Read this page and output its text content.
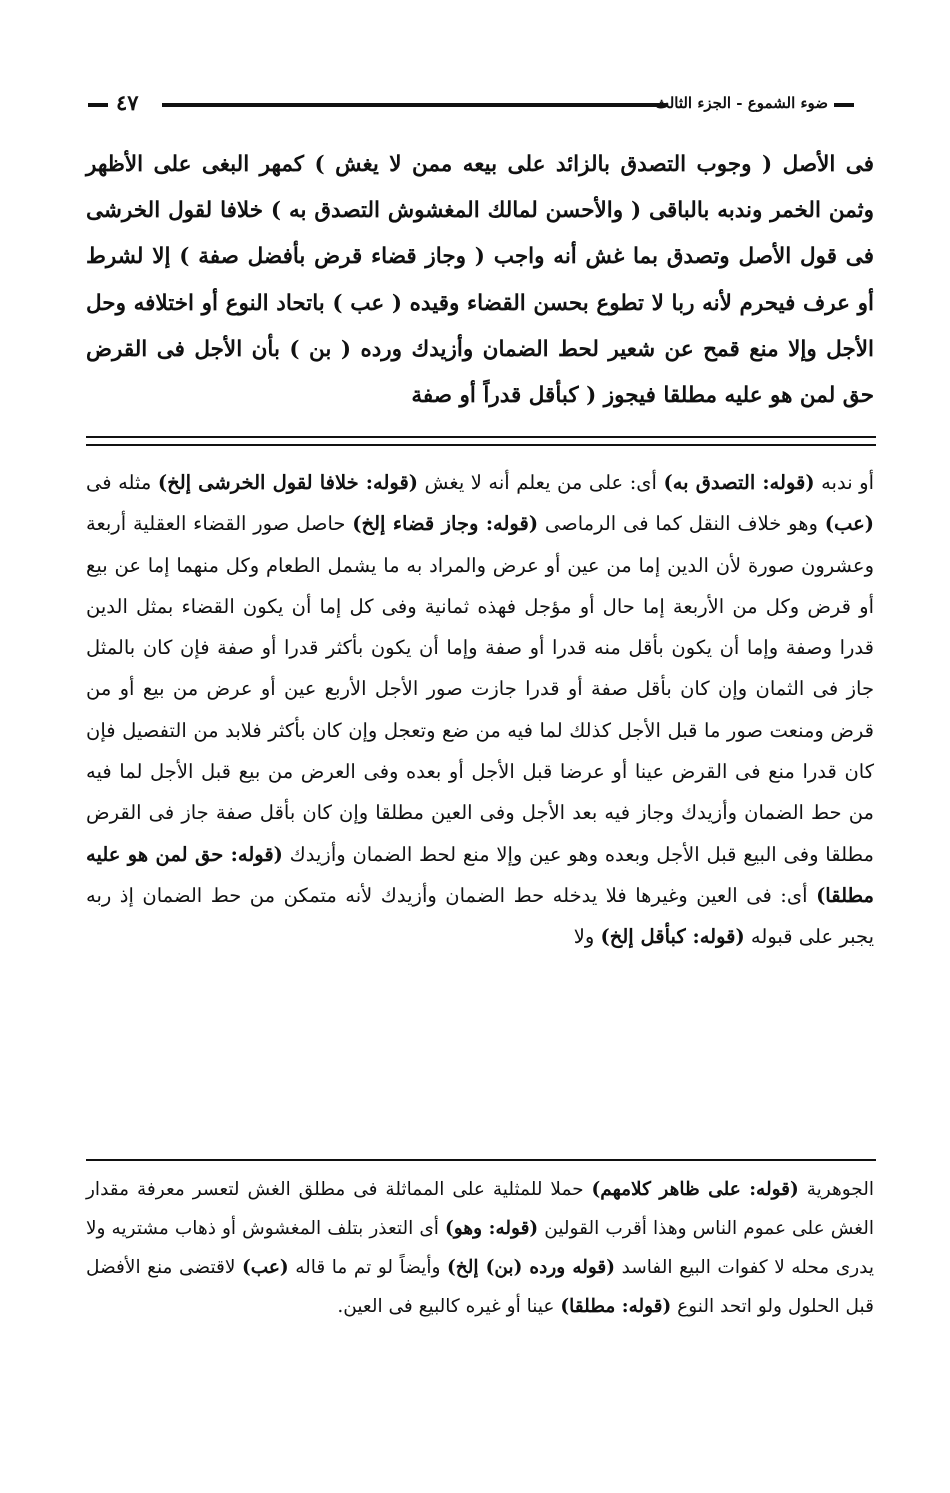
٤٧	ضوء الشموع - الجزء الثالث

فى الأصل ( وجوب التصدق بالزائد على بيعه ممن لا يغش ) كمهر البغى على الأظهر وثمن الخمر وندبه بالباقى ( والأحسن لمالك المغشوش التصدق به ) خلافا لقول الخرشى فى قول الأصل وتصدق بما غش أنه واجب ( وجاز قضاء قرض بأفضل صفة ) إلا لشرط أو عرف فيحرم لأنه ربا لا تطوع بحسن القضاء وقيده ( عب ) باتحاد النوع أو اختلافه وحل الأجل وإلا منع قمح عن شعير لحط الضمان وأزيدك ورده ( بن ) بأن الأجل فى القرض حق لمن هو عليه مطلقا فيجوز ( كبأقل قدراً أو صفة

أو ندبه (قوله: التصدق به) أى: على من يعلم أنه لا يغش (قوله: خلافا لقول الخرشى إلخ) مثله فى (عب) وهو خلاف النقل كما فى الرماصى (قوله: وجاز قضاء إلخ) حاصل صور القضاء العقلية أربعة وعشرون صورة لأن الدين إما من عين أو عرض والمراد به ما يشمل الطعام وكل منهما إما عن بيع أو قرض وكل من الأربعة إما حال أو مؤجل فهذه ثمانية وفى كل إما أن يكون القضاء بمثل الدين قدرا وصفة وإما أن يكون بأقل منه قدرا أو صفة وإما أن يكون بأكثر قدرا أو صفة فإن كان بالمثل جاز فى الثمان وإن كان بأقل صفة أو قدرا جازت صور الأجل الأربع عين أو عرض من بيع أو من قرض ومنعت صور ما قبل الأجل كذلك لما فيه من ضع وتعجل وإن كان بأكثر فلابد من التفصيل فإن كان قدرا منع فى القرض عينا أو عرضا قبل الأجل أو بعده وفى العرض من بيع قبل الأجل لما فيه من حط الضمان وأزيدك وجاز فيه بعد الأجل وفى العين مطلقا وإن كان بأقل صفة جاز فى القرض مطلقا وفى البيع قبل الأجل وبعده وهو عين وإلا منع لحط الضمان وأزيدك (قوله: حق لمن هو عليه مطلقا) أى: فى العين وغيرها فلا يدخله حط الضمان وأزيدك لأنه متمكن من حط الضمان إذ ربه يجبر على قبوله (قوله: كبأقل إلخ) ولا

الجوهرية (قوله: على ظاهر كلامهم) حملا للمثلية على المماثلة فى مطلق الغش لتعسر معرفة مقدار الغش على عموم الناس وهذا أقرب القولين (قوله: وهو) أى التعذر بتلف المغشوش أو ذهاب مشتريه ولا يدرى محله لا كفوات البيع الفاسد (قوله ورده (بن) إلخ) وأيضاً لو تم ما قاله (عب) لاقتضى منع الأفضل قبل الحلول ولو اتحد النوع (قوله: مطلقا) عينا أو غيره كالبيع فى العين.
